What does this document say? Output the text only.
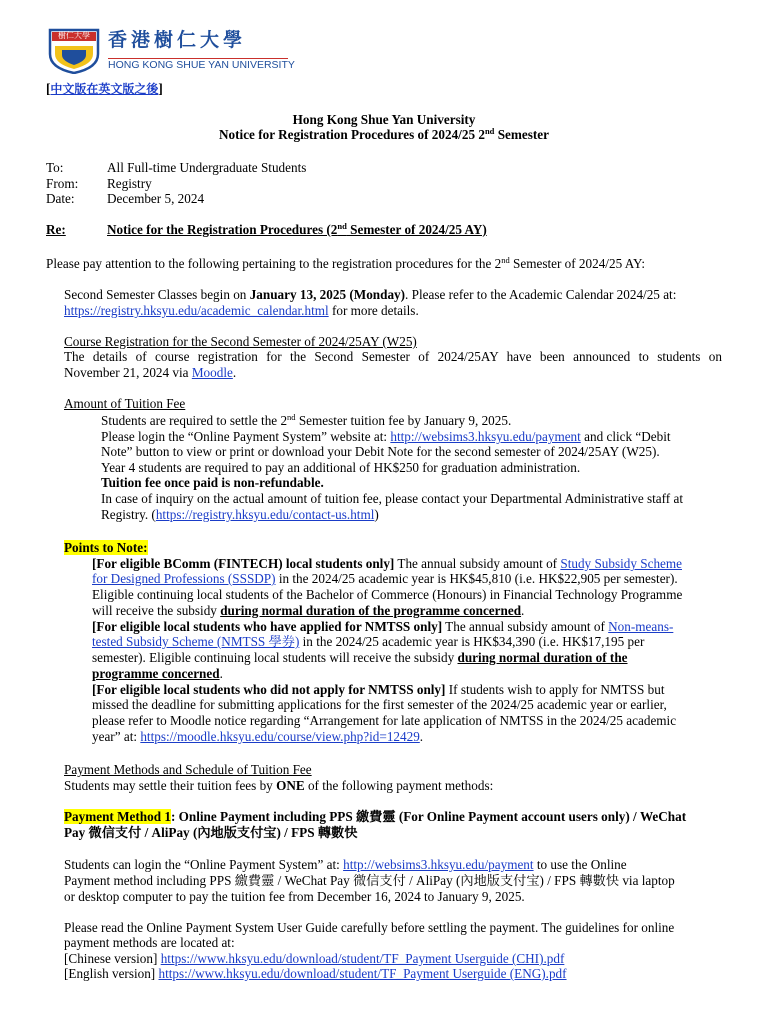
樹仁大學 香港樹仁大學
HONG KONG SHUE YAN UNIVERSITY
[中文版在英文版之後]
Hong Kong Shue Yan University
Notice for Registration Procedures of 2024/25 2nd Semester
To:	All Full-time Undergraduate Students
From: Registry
Date: December 5, 2024
Re:	Notice for the Registration Procedures (2nd Semester of 2024/25 AY)
Please pay attention to the following pertaining to the registration procedures for the 2nd Semester of 2024/25 AY:
Second Semester Classes begin on January 13, 2025 (Monday). Please refer to the Academic Calendar 2024/25 at:
https://registry.hksyu.edu/academic_calendar.html for more details.
Course Registration for the Second Semester of 2024/25AY (W25)
The details of course registration for the Second Semester of 2024/25AY have been announced to students on
November 21, 2024 via Moodle.
Amount of Tuition Fee
Students are required to settle the 2nd Semester tuition fee by January 9, 2025.
Please login the “Online Payment System” website at: http://websims3.hksyu.edu/payment and click “Debit
Note” button to view or print or download your Debit Note for the second semester of 2024/25AY (W25).
Year 4 students are required to pay an additional of HK$250 for graduation administration.
Tuition fee once paid is non-refundable.
In case of inquiry on the actual amount of tuition fee, please contact your Departmental Administrative staff at
Registry. (https://registry.hksyu.edu/contact-us.html)
Points to Note:
[For eligible BComm (FINTECH) local students only] The annual subsidy amount of Study Subsidy Scheme
for Designed Professions (SSSDP) in the 2024/25 academic year is HK$45,810 (i.e. HK$22,905 per semester).
Eligible continuing local students of the Bachelor of Commerce (Honours) in Financial Technology Programme
will receive the subsidy during normal duration of the programme concerned.
[For eligible local students who have applied for NMTSS only] The annual subsidy amount of Non-means-
tested Subsidy Scheme (NMTSS 學券) in the 2024/25 academic year is HK$34,390 (i.e. HK$17,195 per
semester). Eligible continuing local students will receive the subsidy during normal duration of the
programme concerned.
[For eligible local students who did not apply for NMTSS only] If students wish to apply for NMTSS but
missed the deadline for submitting applications for the first semester of the 2024/25 academic year or earlier,
please refer to Moodle notice regarding “Arrangement for late application of NMTSS in the 2024/25 academic
year” at: https://moodle.hksyu.edu/course/view.php?id=12429.
Payment Methods and Schedule of Tuition Fee
Students may settle their tuition fees by ONE of the following payment methods:
Payment Method 1: Online Payment including PPS 繳費靈 (For Online Payment account users only) / WeChat
Pay 微信支付 / AliPay (內地版支付宝) / FPS 轉數快
Students can login the “Online Payment System” at: http://websims3.hksyu.edu/payment to use the Online
Payment method including PPS 繳費靈 / WeChat Pay 微信支付 / AliPay (內地版支付宝) / FPS 轉數快 via laptop
or desktop computer to pay the tuition fee from December 16, 2024 to January 9, 2025.
Please read the Online Payment System User Guide carefully before settling the payment. The guidelines for online
payment methods are located at:
[Chinese version] https://www.hksyu.edu/download/student/TF_Payment Userguide (CHI).pdf
[English version] https://www.hksyu.edu/download/student/TF_Payment Userguide (ENG).pdf
